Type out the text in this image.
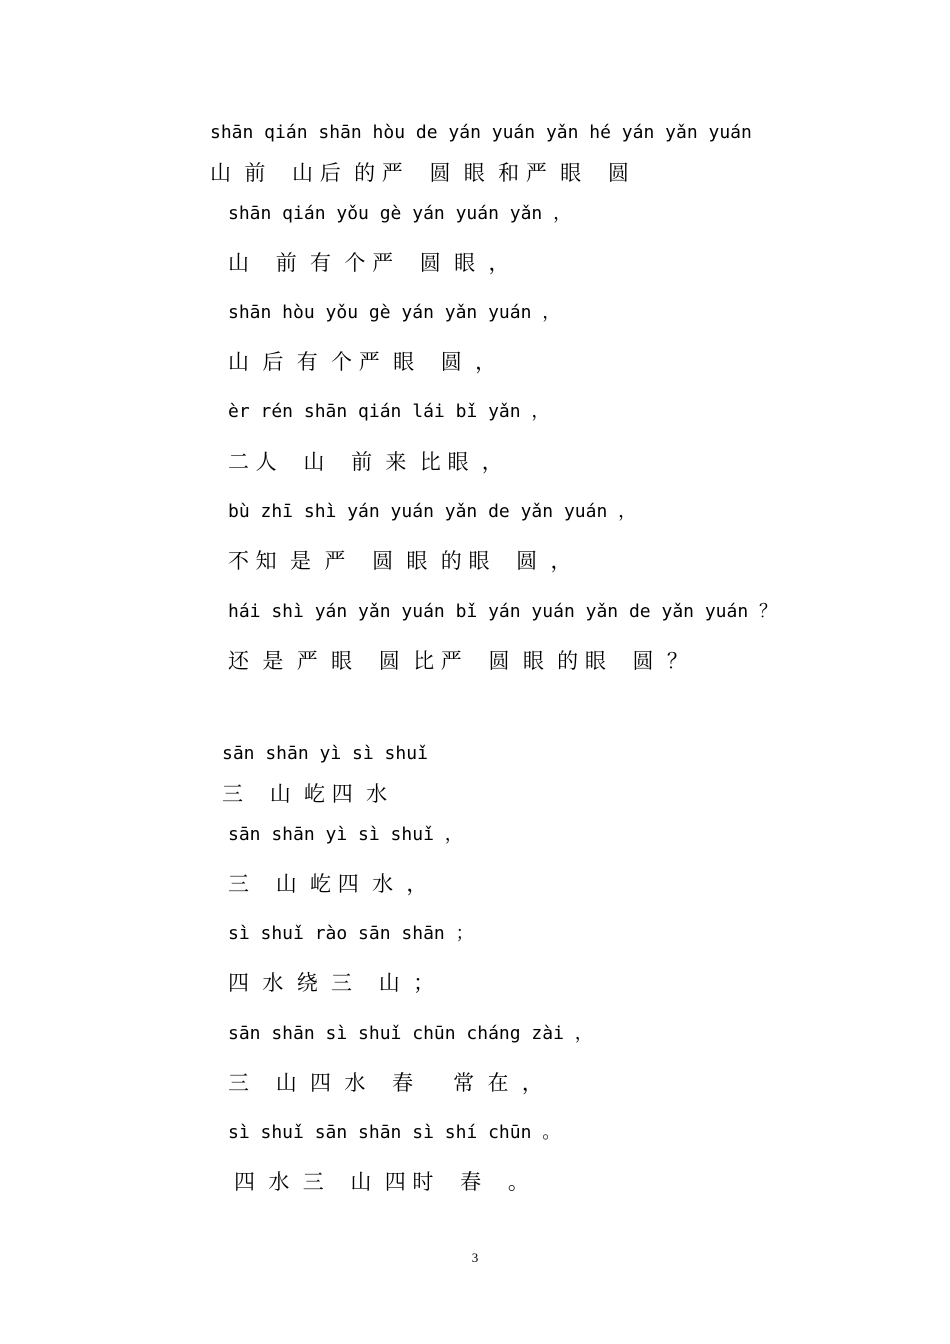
shān qián shān hòu de yán yuán yǎn hé yán yǎn yuán
山  前    山 后  的 严    圆  眼  和 严  眼    圆
shān qián yǒu gè yán yuán yǎn ，
山    前  有  个 严    圆  眼  ，
shān hòu yǒu gè yán yǎn yuán ，
山  后  有  个 严  眼    圆  ，
èr rén shān qián lái bǐ yǎn ，
二 人    山    前  来  比 眼  ，
bù zhī shì yán yuán yǎn de yǎn yuán ，
不 知  是  严    圆  眼  的 眼    圆  ，
hái shì yán yǎn yuán bǐ yán yuán yǎn de yǎn yuán ？
还  是  严  眼    圆  比 严    圆  眼  的 眼    圆  ？
sān shān yì sì shuǐ
三    山  屹 四  水
sān shān yì sì shuǐ ，
三    山  屹 四  水  ，
sì shuǐ rào sān shān ；
四  水  绕  三    山  ；
sān shān sì shuǐ chūn cháng zài ，
三    山  四  水    春      常  在  ，
sì shuǐ sān shān sì shí chūn 。
四  水  三    山  四 时    春    。
3
